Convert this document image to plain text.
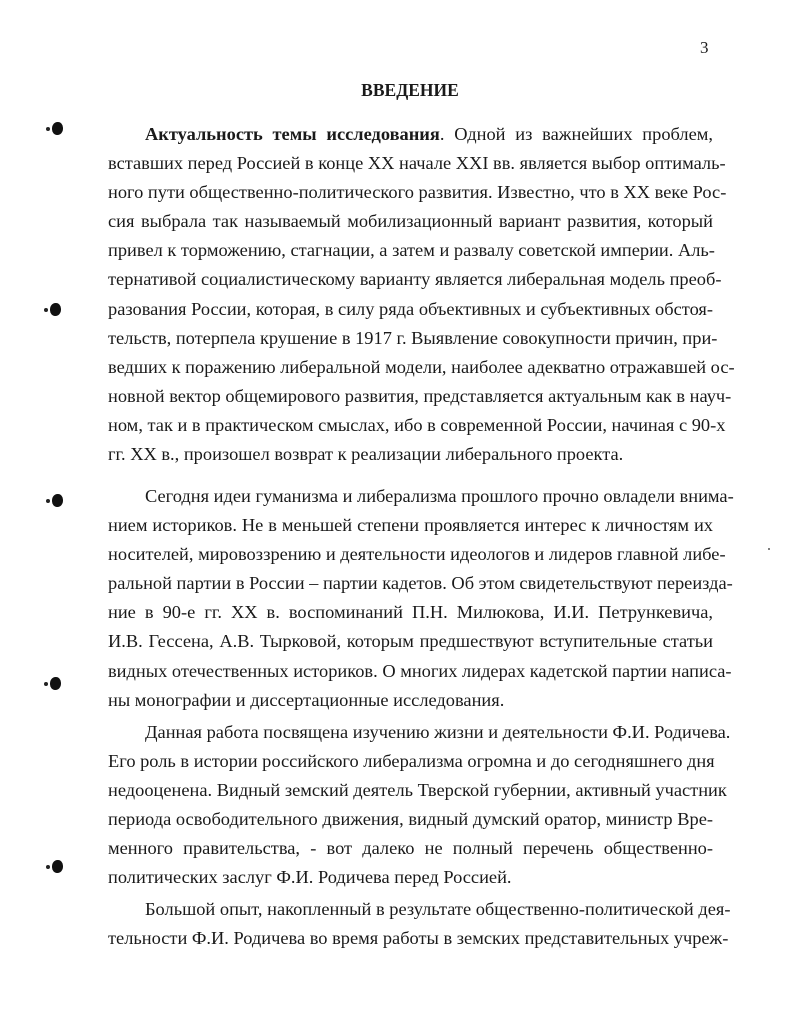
3
ВВЕДЕНИЕ
Актуальность темы исследования. Одной из важнейших проблем,
вставших перед Россией в конце XX начале XXI вв. является выбор оптималь-
ного пути общественно-политического развития. Известно, что в XX веке Рос-
сия выбрала так называемый мобилизационный вариант развития, который
привел к торможению, стагнации, а затем и развалу советской империи. Аль-
тернативой социалистическому варианту является либеральная модель преоб-
разования России, которая, в силу ряда объективных и субъективных обстоя-
тельств, потерпела крушение в 1917 г. Выявление совокупности причин, при-
ведших к поражению либеральной модели, наиболее адекватно отражавшей ос-
новной вектор общемирового развития, представляется актуальным как в науч-
ном, так и в практическом смыслах, ибо в современной России, начиная с 90-х
гг. XX в., произошел возврат к реализации либерального проекта.
Сегодня идеи гуманизма и либерализма прошлого прочно овладели внима-
нием историков. Не в меньшей степени проявляется интерес к личностям их
носителей, мировоззрению и деятельности идеологов и лидеров главной либе-
ральной партии в России – партии кадетов. Об этом свидетельствуют переизда-
ние в 90-е гг. XX в. воспоминаний П.Н. Милюкова, И.И. Петрункевича,
И.В. Гессена, А.В. Тырковой, которым предшествуют вступительные статьи
видных отечественных историков. О многих лидерах кадетской партии написа-
ны монографии и диссертационные исследования.
Данная работа посвящена изучению жизни и деятельности Ф.И. Родичева.
Его роль в истории российского либерализма огромна и до сегодняшнего дня
недооценена. Видный земский деятель Тверской губернии, активный участник
периода освободительного движения, видный думский оратор, министр Вре-
менного правительства, - вот далеко не полный перечень общественно-
политических заслуг Ф.И. Родичева перед Россией.
Большой опыт, накопленный в результате общественно-политической дея-
тельности Ф.И. Родичева во время работы в земских представительных учреж-
